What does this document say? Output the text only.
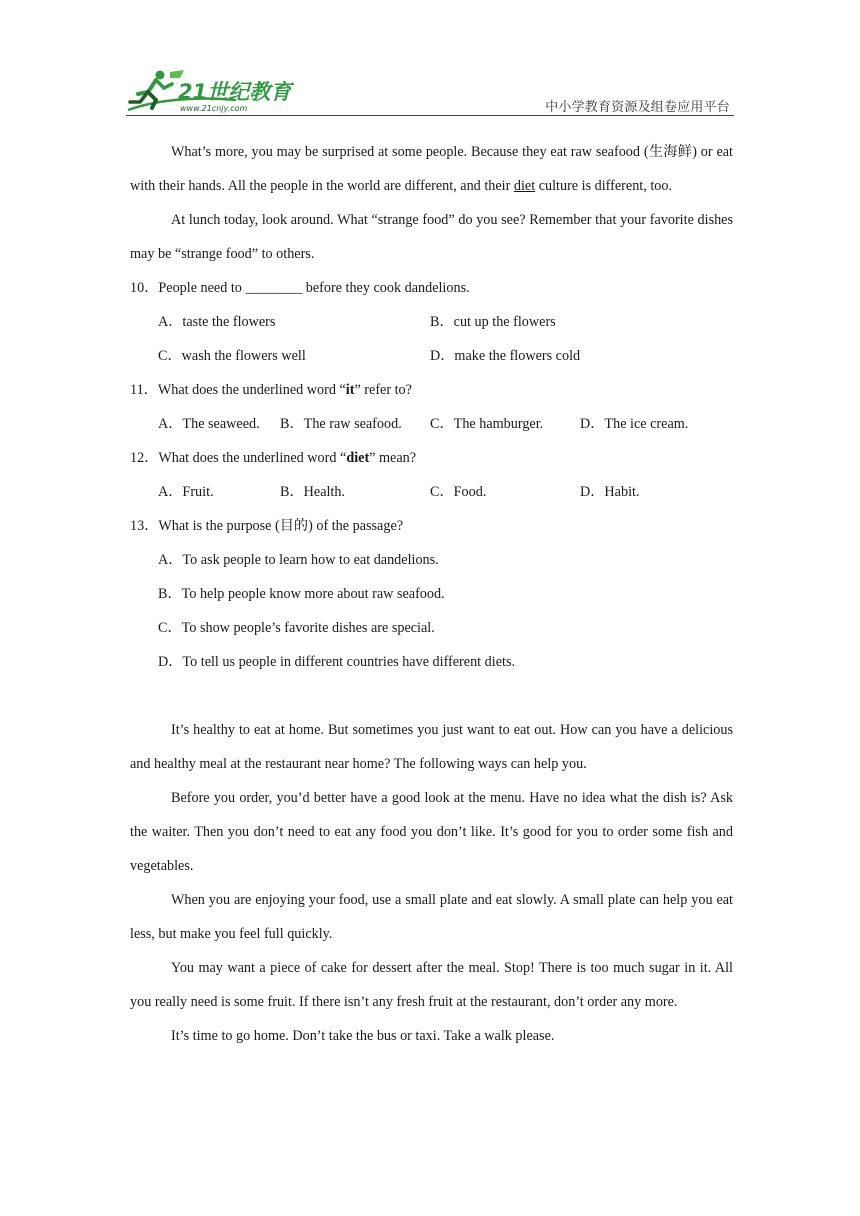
21世纪教育
www.21cnjy.com	中小学教育资源及组卷应用平台

What’s more, you may be surprised at some people. Because they eat raw seafood (生海鲜) or eat with their hands. All the people in the world are different, and their diet culture is different, too.

At lunch today, look around. What “strange food” do you see? Remember that your favorite dishes may be “strange food” to others.

10．People need to ________ before they cook dandelions.
A．taste the flowers	B．cut up the flowers
C．wash the flowers well	D．make the flowers cold
11．What does the underlined word “it” refer to?
A．The seaweed.	B．The raw seafood.	C．The hamburger.	D．The ice cream.
12．What does the underlined word “diet” mean?
A．Fruit.	B．Health.	C．Food.	D．Habit.
13．What is the purpose (目的) of the passage?
A．To ask people to learn how to eat dandelions.
B．To help people know more about raw seafood.
C．To show people’s favorite dishes are special.
D．To tell us people in different countries have different diets.

It’s healthy to eat at home. But sometimes you just want to eat out. How can you have a delicious and healthy meal at the restaurant near home? The following ways can help you.

Before you order, you’d better have a good look at the menu. Have no idea what the dish is? Ask the waiter. Then you don’t need to eat any food you don’t like. It’s good for you to order some fish and vegetables.

When you are enjoying your food, use a small plate and eat slowly. A small plate can help you eat less, but make you feel full quickly.

You may want a piece of cake for dessert after the meal. Stop! There is too much sugar in it. All you really need is some fruit. If there isn’t any fresh fruit at the restaurant, don’t order any more.

It’s time to go home. Don’t take the bus or taxi. Take a walk please.
